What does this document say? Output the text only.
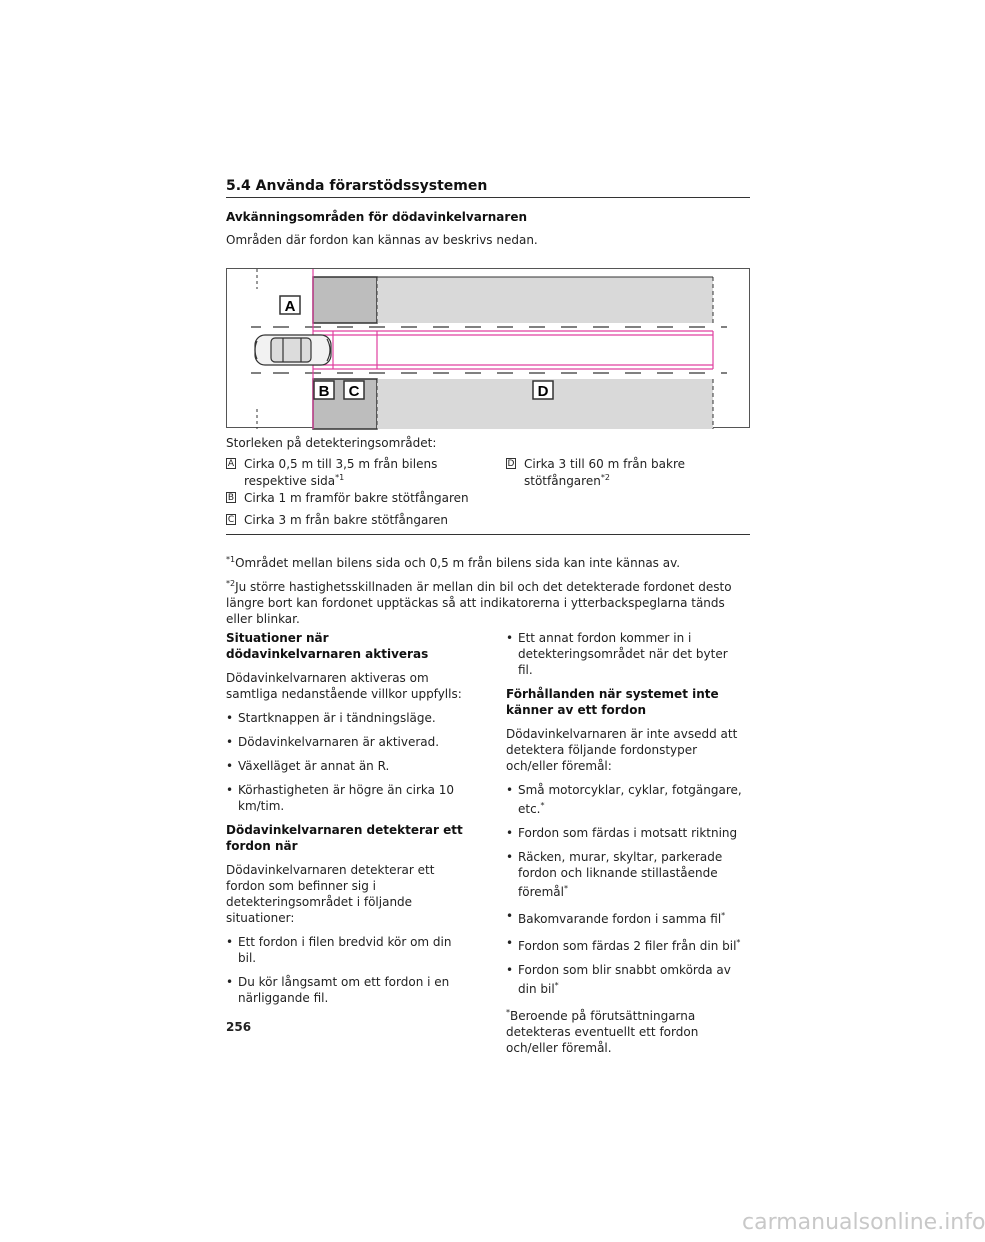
5.4 Använda förarstödssystemen
Avkänningsområden för dödavinkelvarnaren
Områden där fordon kan kännas av beskrivs nedan.
A
B C	D
Storleken på detekteringsområdet:
A Cirka 0,5 m till 3,5 m från bilens
respektive sida$^{*1}$
B Cirka 1 m framför bakre stötfångaren
C Cirka 3 m från bakre stötfångaren
D Cirka 3 till 60 m från bakre
stötfångaren$^{*2}$
$^{*1}$Området mellan bilens sida och 0,5 m från bilens sida kan inte kännas av.
$^{*2}$Ju större hastighetsskillnaden är mellan din bil och det detekterade fordonet desto längre bort kan fordonet upptäckas så att indikatorerna i ytterbackspeglarna tänds eller blinkar.
Situationer när dödavinkelvarnaren aktiveras

Dödavinkelvarnaren aktiveras om samtliga nedanstående villkor uppfylls:

• Startknappen är i tändningsläge.
• Dödavinkelvarnaren är aktiverad.
• Växelläget är annat än R.
• Körhastigheten är högre än cirka 10 km/tim.
Dödavinkelvarnaren detekterar ett fordon när

Dödavinkelvarnaren detekterar ett fordon som befinner sig i detekteringsområdet i följande situationer:

• Ett fordon i filen bredvid kör om din bil.
• Du kör långsamt om ett fordon i en närliggande fil.
• Ett annat fordon kommer in i detekteringsområdet när det byter fil.
Förhållanden när systemet inte känner av ett fordon

Dödavinkelvarnaren är inte avsedd att detektera följande fordonstyper och/eller föremål:

• Små motorcyklar, cyklar, fotgängare, etc.*
• Fordon som färdas i motsatt riktning
• Räcken, murar, skyltar, parkerade fordon och liknande stillastående föremål*
• Bakomvarande fordon i samma fil*
• Fordon som färdas 2 filer från din bil*
• Fordon som blir snabbt omkörda av din bil*

*Beroende på förutsättningarna detekteras eventuellt ett fordon och/eller föremål.

256
carmanualsonline.info
